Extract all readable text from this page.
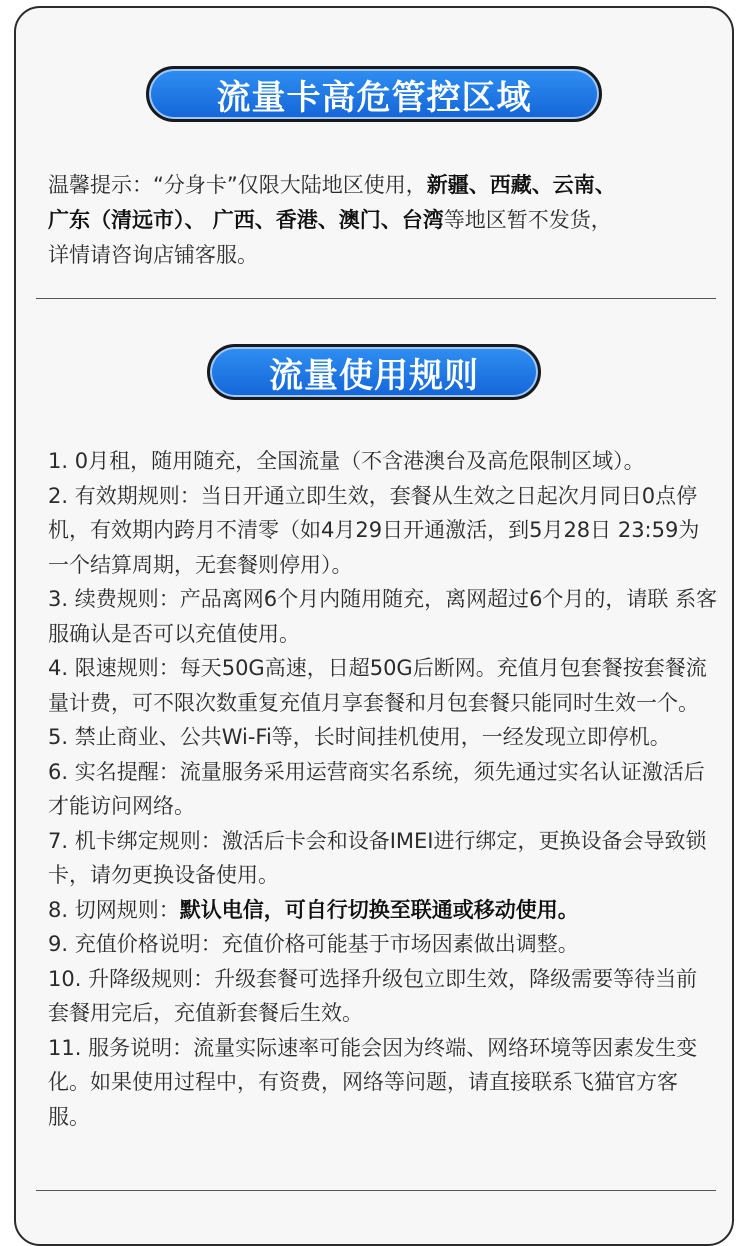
流量卡高危管控区域
温馨提示：“分身卡”仅限大陆地区使用，新疆、西藏、云南、
广东（清远市）、 广西、香港、澳门、台湾等地区暂不发货，
详情请咨询店铺客服。
流量使用规则

1. 0月租，随用随充，全国流量（不含港澳台及高危限制区域）。

2. 有效期规则：当日开通立即生效，套餐从生效之日起次月同日0点停机，有效期内跨月不清零（如4月29日开通激活，到5月28日 23:59为一个结算周期，无套餐则停用）。

3. 续费规则：产品离网6个月内随用随充，离网超过6个月的，请联 系客服确认是否可以充值使用。

4. 限速规则：每天50G高速，日超50G后断网。充值月包套餐按套餐流量计费，可不限次数重复充值月享套餐和月包套餐只能同时生效一个。

5. 禁止商业、公共Wi-Fi等，长时间挂机使用，一经发现立即停机。

6. 实名提醒：流量服务采用运营商实名系统，须先通过实名认证激活后才能访问网络。

7. 机卡绑定规则：激活后卡会和设备IMEI进行绑定，更换设备会导致锁卡，请勿更换设备使用。

8. 切网规则：默认电信，可自行切换至联通或移动使用。

9. 充值价格说明：充值价格可能基于市场因素做出调整。

10. 升降级规则：升级套餐可选择升级包立即生效，降级需要等待当前套餐用完后，充值新套餐后生效。

11. 服务说明：流量实际速率可能会因为终端、网络环境等因素发生变化。如果使用过程中，有资费，网络等问题，请直接联系飞猫官方客服。
